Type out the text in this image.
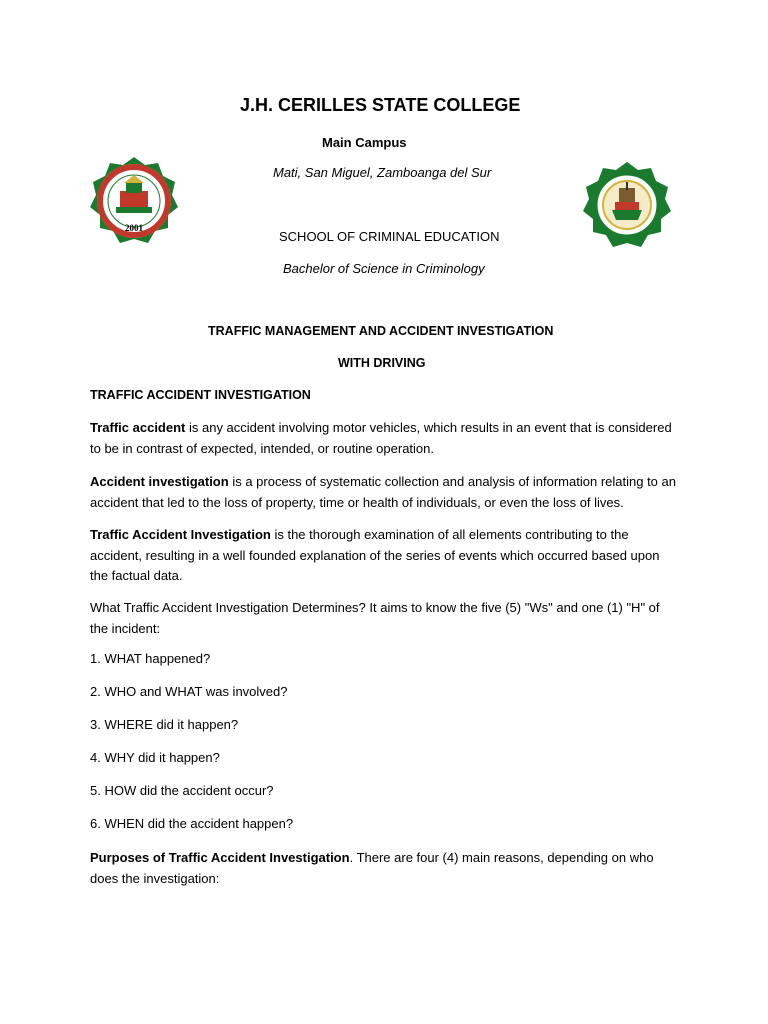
2001
J.H. CERILLES STATE COLLEGE
Main Campus
Mati, San Miguel, Zamboanga del Sur
SCHOOL OF CRIMINAL EDUCATION
Bachelor of Science in Criminology
TRAFFIC MANAGEMENT AND ACCIDENT INVESTIGATION
WITH DRIVING
TRAFFIC ACCIDENT INVESTIGATION
Traffic accident is any accident involving motor vehicles, which results in an event that is considered to be in contrast of expected, intended, or routine operation.
Accident investigation is a process of systematic collection and analysis of information relating to an accident that led to the loss of property, time or health of individuals, or even the loss of lives.
Traffic Accident Investigation is the thorough examination of all elements contributing to the accident, resulting in a well founded explanation of the series of events which occurred based upon the factual data.
What Traffic Accident Investigation Determines? It aims to know the five (5) "Ws" and one (1) "H" of the incident:
1. WHAT happened?
2. WHO and WHAT was involved?
3. WHERE did it happen?
4. WHY did it happen?
5. HOW did the accident occur?
6. WHEN did the accident happen?
Purposes of Traffic Accident Investigation. There are four (4) main reasons, depending on who does the investigation:
